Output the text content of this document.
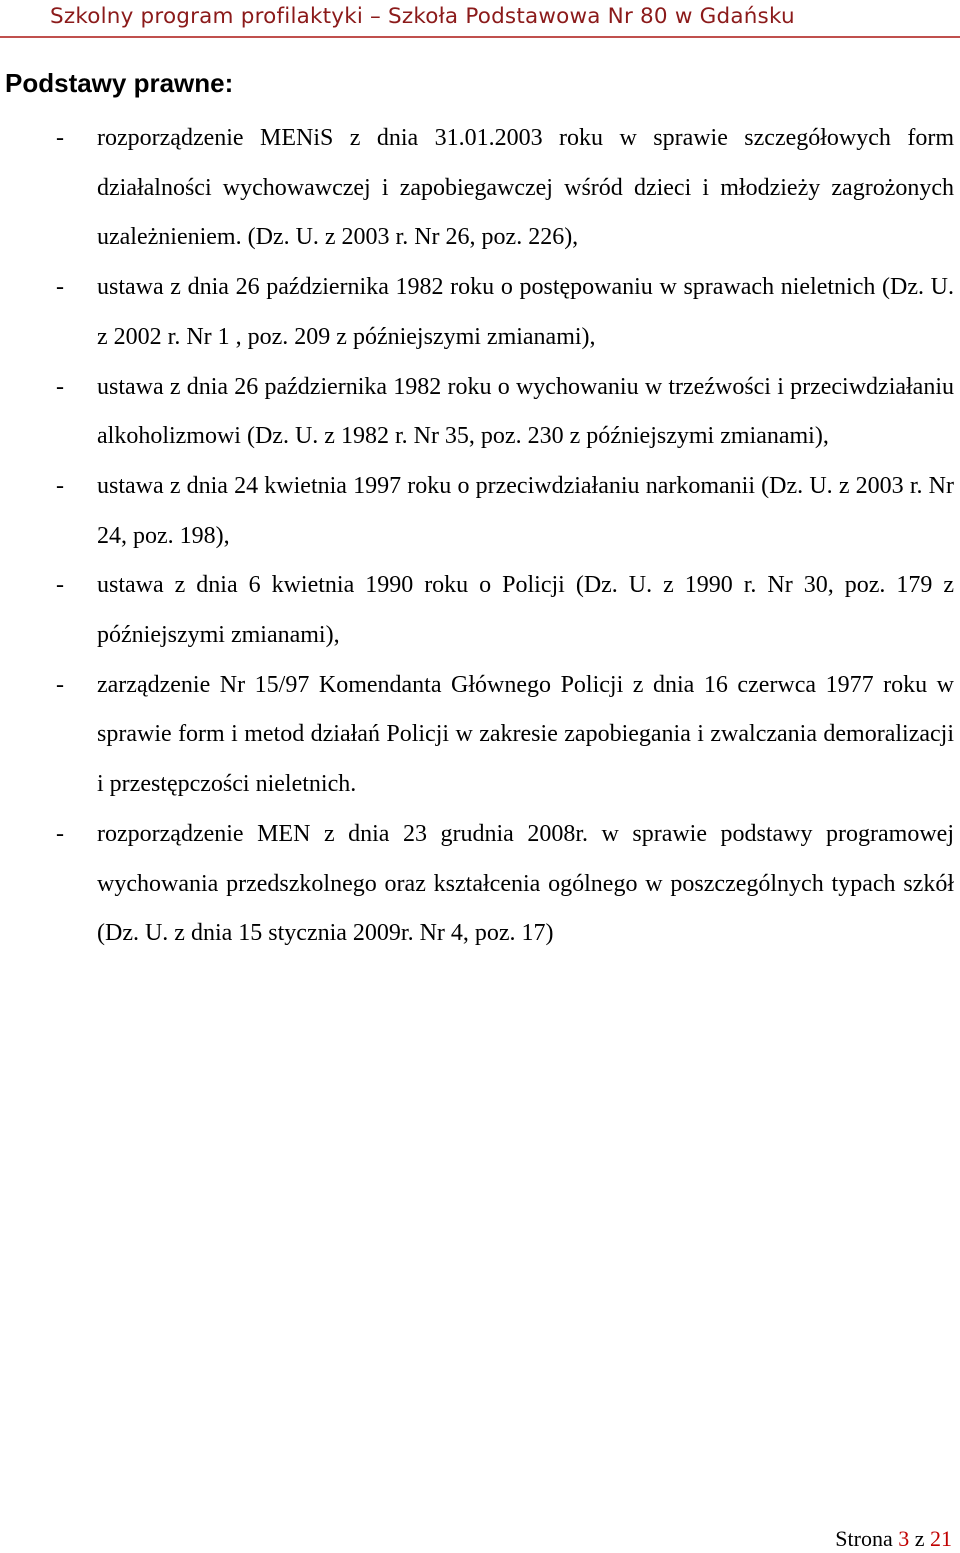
Szkolny program profilaktyki – Szkoła Podstawowa Nr 80 w Gdańsku
Podstawy prawne:
- rozporządzenie MENiS z dnia 31.01.2003 roku w sprawie szczegółowych form działalności wychowawczej i zapobiegawczej wśród dzieci i młodzieży zagrożonych uzależnieniem. (Dz. U. z 2003 r. Nr 26, poz. 226),
- ustawa z dnia 26 października 1982 roku o postępowaniu w sprawach nieletnich (Dz. U. z 2002 r. Nr 1 , poz. 209 z późniejszymi zmianami),
- ustawa z dnia 26 października 1982 roku o wychowaniu w trzeźwości i przeciwdziałaniu alkoholizmowi (Dz. U. z 1982 r. Nr 35, poz. 230 z późniejszymi zmianami),
- ustawa z dnia 24 kwietnia 1997 roku o przeciwdziałaniu narkomanii (Dz. U. z 2003 r. Nr 24, poz. 198),
- ustawa z dnia 6 kwietnia 1990 roku o Policji (Dz. U. z 1990 r. Nr 30, poz. 179 z późniejszymi zmianami),
- zarządzenie Nr 15/97 Komendanta Głównego Policji z dnia 16 czerwca 1977 roku w sprawie form i metod działań Policji w zakresie zapobiegania i zwalczania demoralizacji i przestępczości nieletnich.
- rozporządzenie MEN z dnia 23 grudnia 2008r. w sprawie podstawy programowej wychowania przedszkolnego oraz kształcenia ogólnego w poszczególnych typach szkół (Dz. U. z dnia 15 stycznia 2009r. Nr 4, poz. 17)
Strona 3 z 21
